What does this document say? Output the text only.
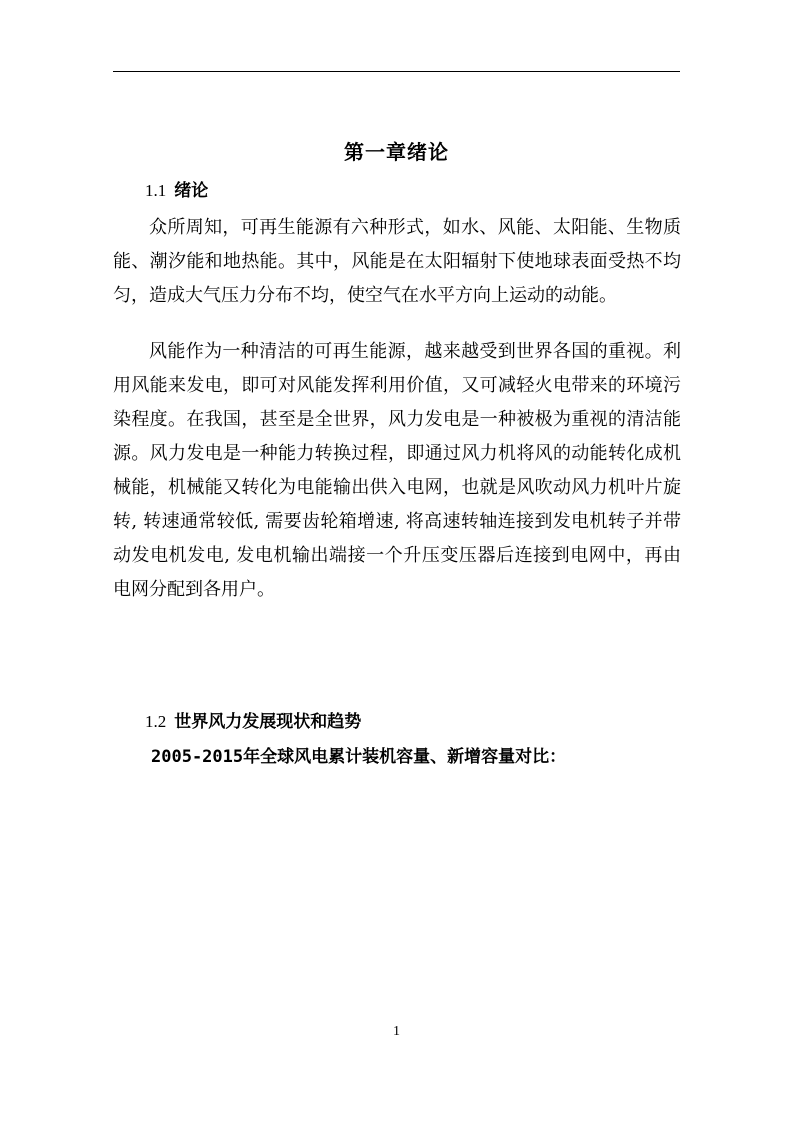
第一章绪论
1.1 绪论

众所周知，可再生能源有六种形式，如水、风能、太阳能、生物质能、潮汐能和地热能。其中，风能是在太阳辐射下使地球表面受热不均匀，造成大气压力分布不均，使空气在水平方向上运动的动能。

风能作为一种清洁的可再生能源，越来越受到世界各国的重视。利用风能来发电，即可对风能发挥利用价值，又可减轻火电带来的环境污染程度。在我国，甚至是全世界，风力发电是一种被极为重视的清洁能源。风力发电是一种能力转换过程，即通过风力机将风的动能转化成机械能，机械能又转化为电能输出供入电网，也就是风吹动风力机叶片旋转, 转速通常较低, 需要齿轮箱增速, 将高速转轴连接到发电机转子并带动发电机发电, 发电机输出端接一个升压变压器后连接到电网中，再由电网分配到各用户。

1.2 世界风力发展现状和趋势
2005-2015年全球风电累计装机容量、新增容量对比：
1
